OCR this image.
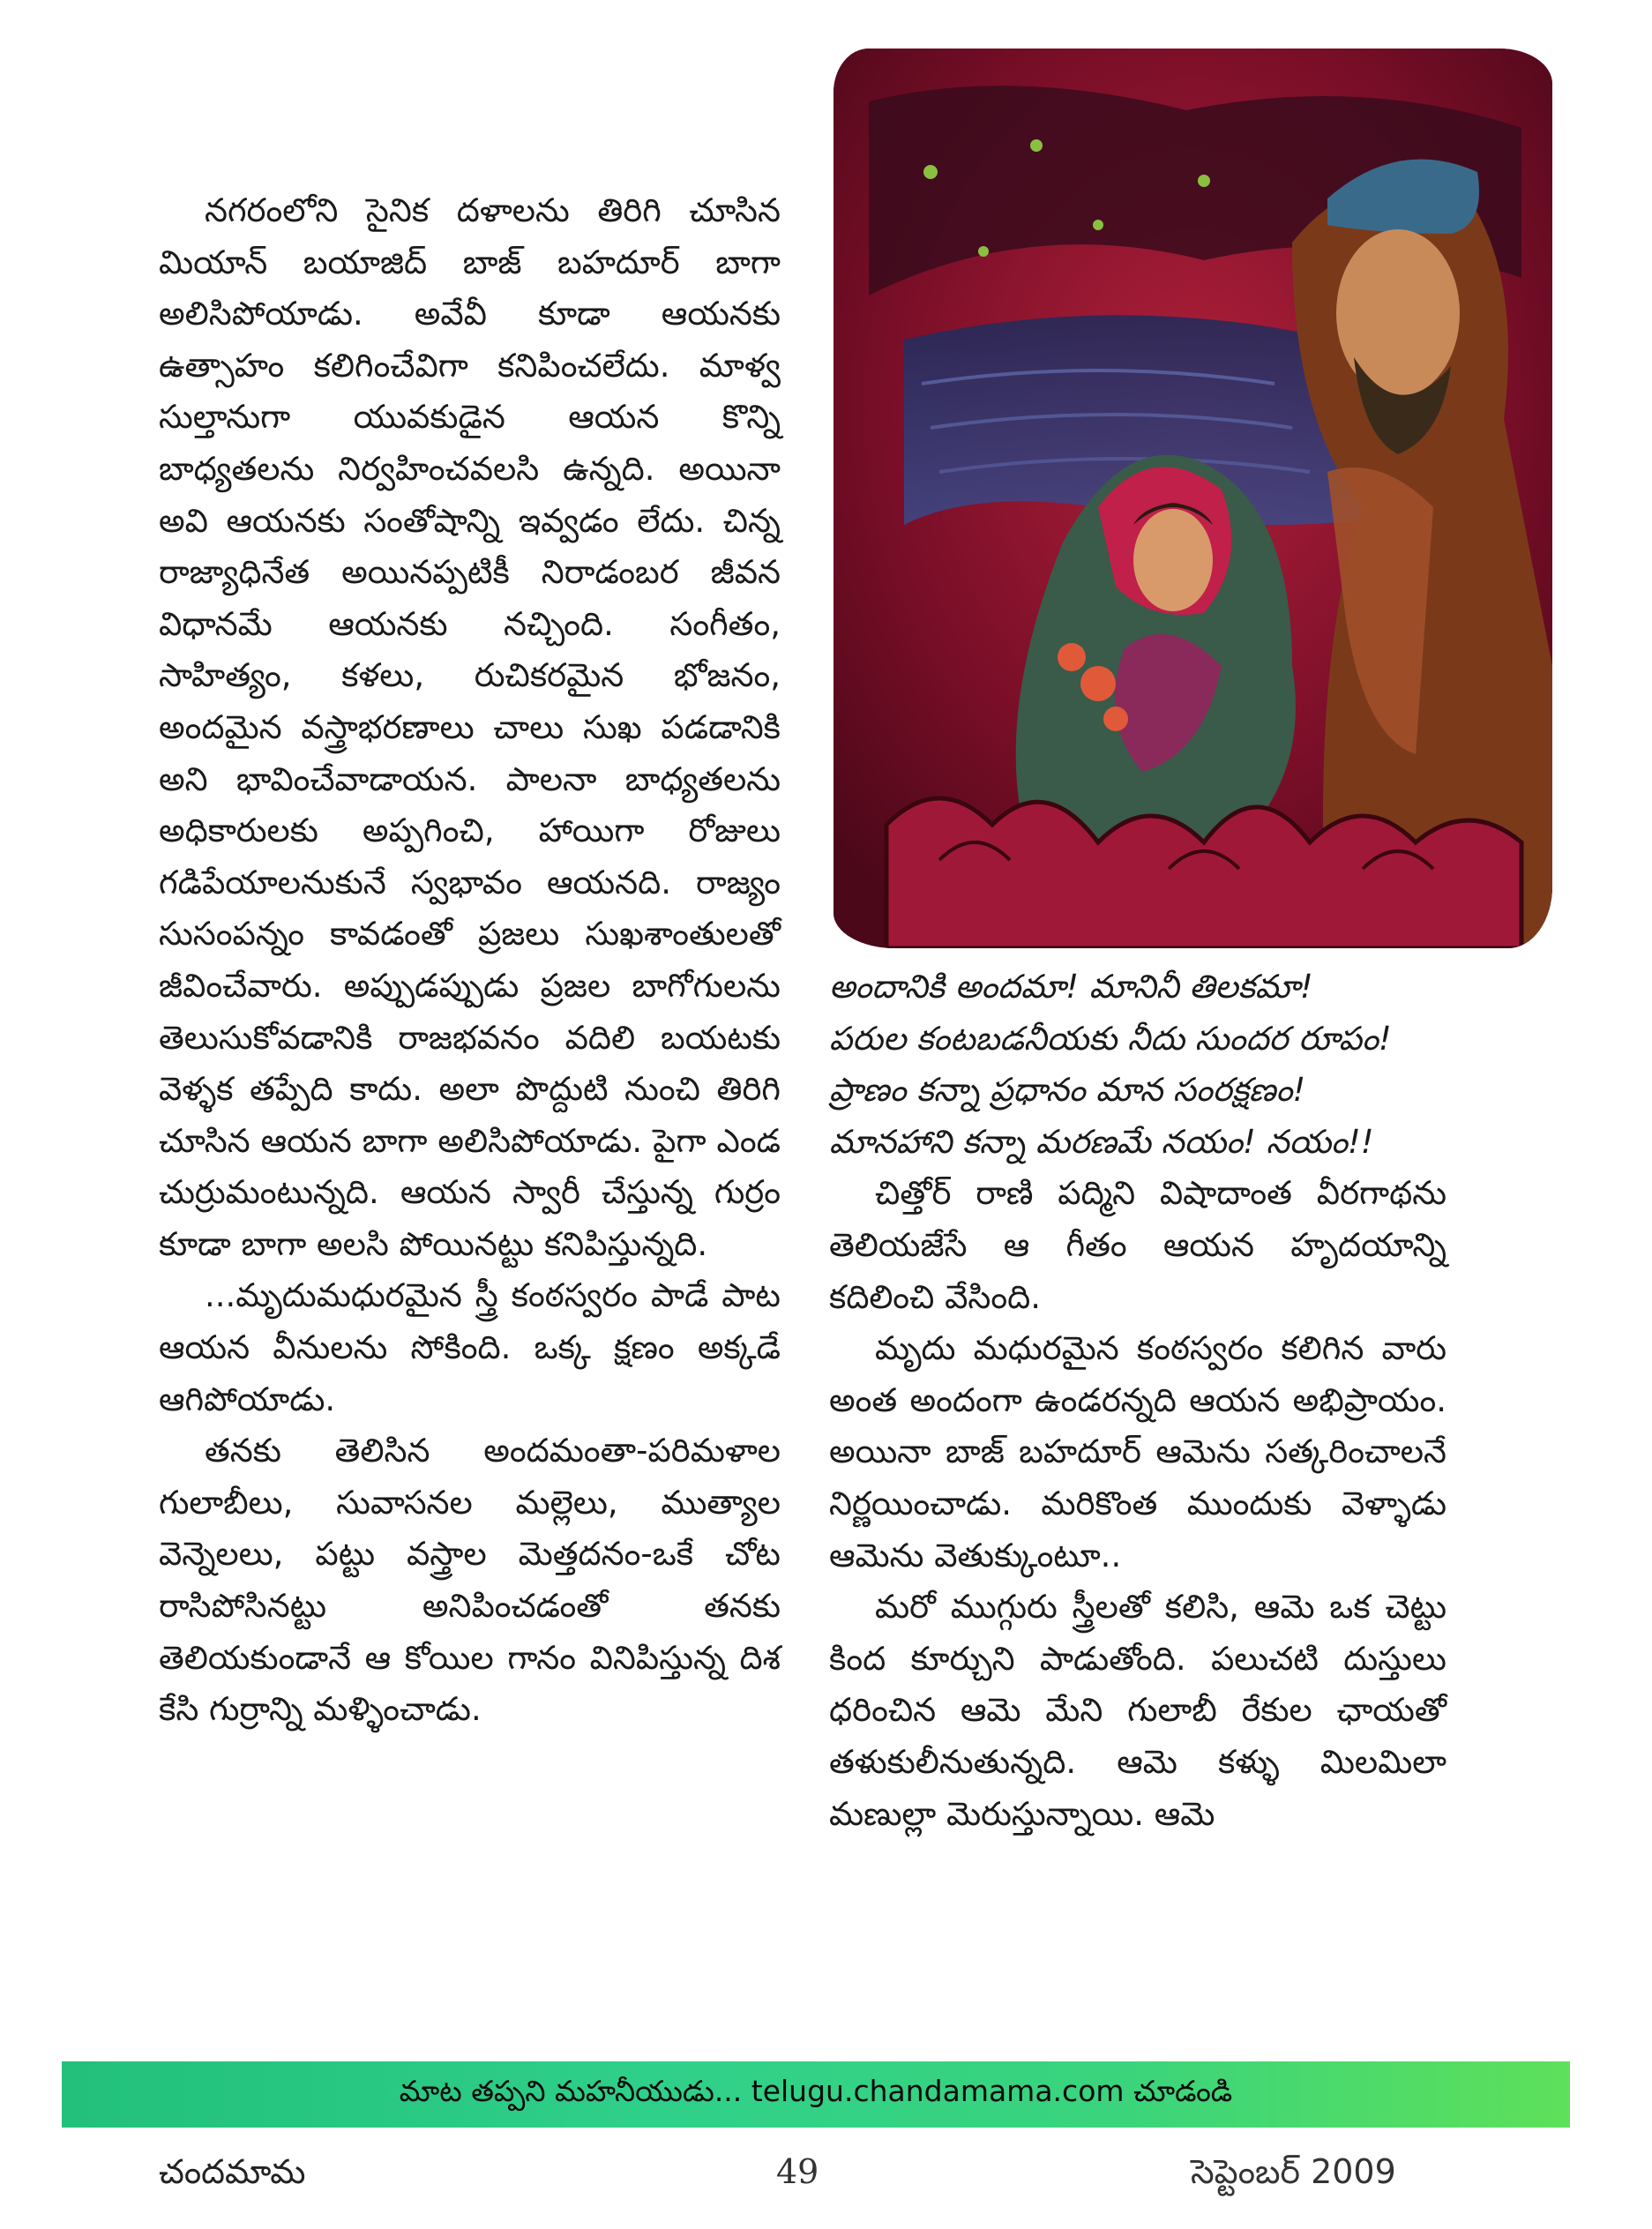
నగరంలోని సైనిక దళాలను తిరిగి చూసిన మియాన్ బయాజిద్ బాజ్ బహదూర్ బాగా అలిసిపోయాడు. అవేవీ కూడా ఆయనకు ఉత్సాహం కలిగించేవిగా కనిపించలేదు. మాళ్వ సుల్తానుగా యువకుడైన ఆయన కొన్ని బాధ్యతలను నిర్వహించవలసి ఉన్నది. అయినా అవి ఆయనకు సంతోషాన్ని ఇవ్వడం లేదు. చిన్న రాజ్యాధినేత అయినప్పటికీ నిరాడంబర జీవన విధానమే ఆయనకు నచ్చింది. సంగీతం, సాహిత్యం, కళలు, రుచికరమైన భోజనం, అందమైన వస్త్రాభరణాలు చాలు సుఖ పడడానికి అని భావించేవాడాయన. పాలనా బాధ్యతలను అధికారులకు అప్పగించి, హాయిగా రోజులు గడిపేయాలనుకునే స్వభావం ఆయనది. రాజ్యం సుసంపన్నం కావడంతో ప్రజలు సుఖశాంతులతో జీవించేవారు. అప్పుడప్పుడు ప్రజల బాగోగులను తెలుసుకోవడానికి రాజభవనం వదిలి బయటకు వెళ్ళక తప్పేది కాదు. అలా పొద్దుటి నుంచి తిరిగి చూసిన ఆయన బాగా అలిసిపోయాడు. పైగా ఎండ చుర్రుమంటున్నది. ఆయన స్వారీ చేస్తున్న గుర్రం కూడా బాగా అలసి పోయినట్టు కనిపిస్తున్నది.

...మృదుమధురమైన స్త్రీ కంఠస్వరం పాడే పాట ఆయన వీనులను సోకింది. ఒక్క క్షణం అక్కడే ఆగిపోయాడు.

తనకు తెలిసిన అందమంతా-పరిమళాల గులాబీలు, సువాసనల మల్లెలు, ముత్యాల వెన్నెలలు, పట్టు వస్త్రాల మెత్తదనం-ఒకే చోట రాసిపోసినట్టు అనిపించడంతో తనకు తెలియకుండానే ఆ కోయిల గానం వినిపిస్తున్న దిశ కేసి గుర్రాన్ని మళ్ళించాడు.

అందానికి అందమా! మానినీ తిలకమా!

పరుల కంటబడనీయకు నీదు సుందర రూపం!

ప్రాణం కన్నా ప్రధానం మాన సంరక్షణం!

మానహాని కన్నా మరణమే నయం! నయం!!

చిత్తోర్ రాణి పద్మిని విషాదాంత వీరగాథను తెలియజేసే ఆ గీతం ఆయన హృదయాన్ని కదిలించి వేసింది.

మృదు మధురమైన కంఠస్వరం కలిగిన వారు అంత అందంగా ఉండరన్నది ఆయన అభిప్రాయం. అయినా బాజ్ బహదూర్ ఆమెను సత్కరించాలనే నిర్ణయించాడు. మరికొంత ముందుకు వెళ్ళాడు ఆమెను వెతుక్కుంటూ..

మరో ముగ్గురు స్త్రీలతో కలిసి, ఆమె ఒక చెట్టు కింద కూర్చుని పాడుతోంది. పలుచటి దుస్తులు ధరించిన ఆమె మేని గులాబీ రేకుల ఛాయతో తళుకులీనుతున్నది. ఆమె కళ్ళు మిలమిలా మణుల్లా మెరుస్తున్నాయి. ఆమె

మాట తప్పని మహనీయుడు... telugu.chandamama.com చూడండి
చందమామ	49	సెప్టెంబర్ 2009
